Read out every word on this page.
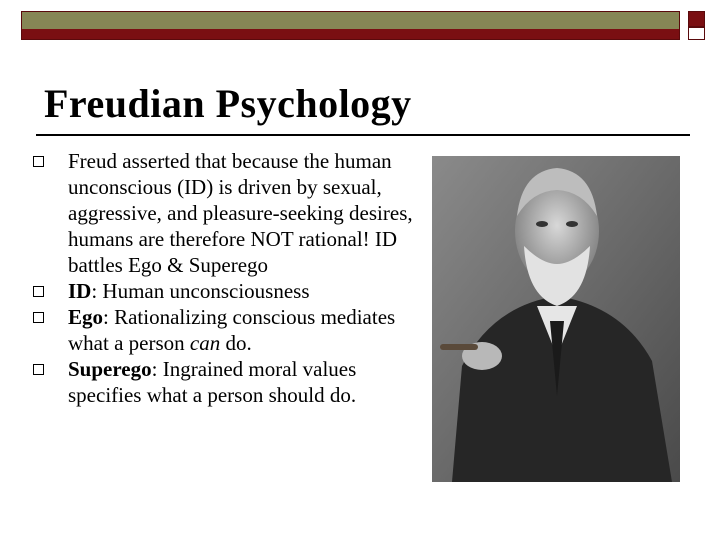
Freudian Psychology
Freud asserted that because the human unconscious (ID) is driven by sexual, aggressive, and pleasure-seeking desires, humans are therefore NOT rational! ID battles Ego & Superego
ID: Human unconsciousness
Ego: Rationalizing conscious mediates what a person can do.
Superego: Ingrained moral values specifies what a person should do.
